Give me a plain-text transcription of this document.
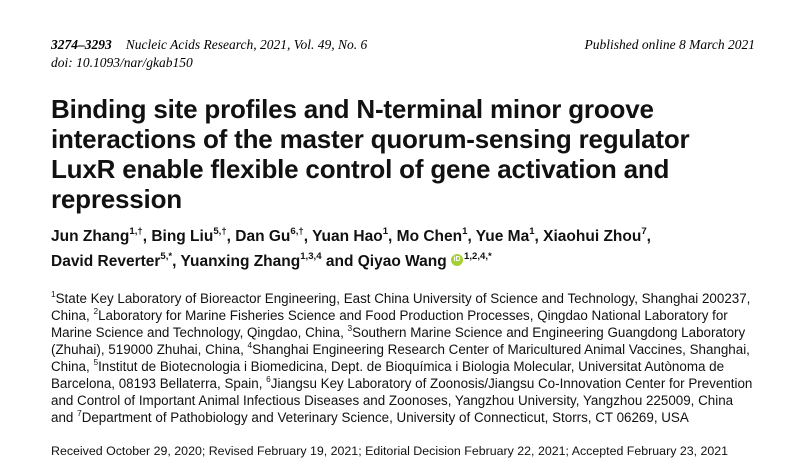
3274–3293 Nucleic Acids Research, 2021, Vol. 49, No. 6
doi: 10.1093/nar/gkab150
Published online 8 March 2021
Binding site profiles and N-terminal minor groove interactions of the master quorum-sensing regulator LuxR enable flexible control of gene activation and repression

Jun Zhang$^{1,\dagger}$, Bing Liu$^{5,\dagger}$, Dan $Gu^{6,\dagger}$, Yuan Hao$^1$, Mo Chen$^1$, Yue Ma$^1$, Xiaohui Zhou$^7$,
David Reverter$^{5,*}$, Yuanxing Zhang$^{1,3,4}$ and Qiyao Wang iD $^{1,2,4,*}$

$^1$State Key Laboratory of Bioreactor Engineering, East China University of Science and Technology, Shanghai 200237, China, $^2$Laboratory for Marine Fisheries Science and Food Production Processes, Qingdao National Laboratory for Marine Science and Technology, Qingdao, China, $^3$Southern Marine Science and Engineering Guangdong Laboratory (Zhuhai), 519000 Zhuhai, China, $^4$Shanghai Engineering Research Center of Maricultured Animal Vaccines, Shanghai, China, $^5$Institut de Biotecnologia i Biomedicina, Dept. de Bioquímica i Biologia Molecular, Universitat Autònoma de Barcelona, 08193 Bellaterra, Spain, $^6$Jiangsu Key Laboratory of Zoonosis/Jiangsu Co-Innovation Center for Prevention and Control of Important Animal Infectious Diseases and Zoonoses, Yangzhou University, Yangzhou 225009, China and $^7$Department of Pathobiology and Veterinary Science, University of Connecticut, Storrs, CT 06269, USA

Received October 29, 2020; Revised February 19, 2021; Editorial Decision February 22, 2021; Accepted February 23, 2021
